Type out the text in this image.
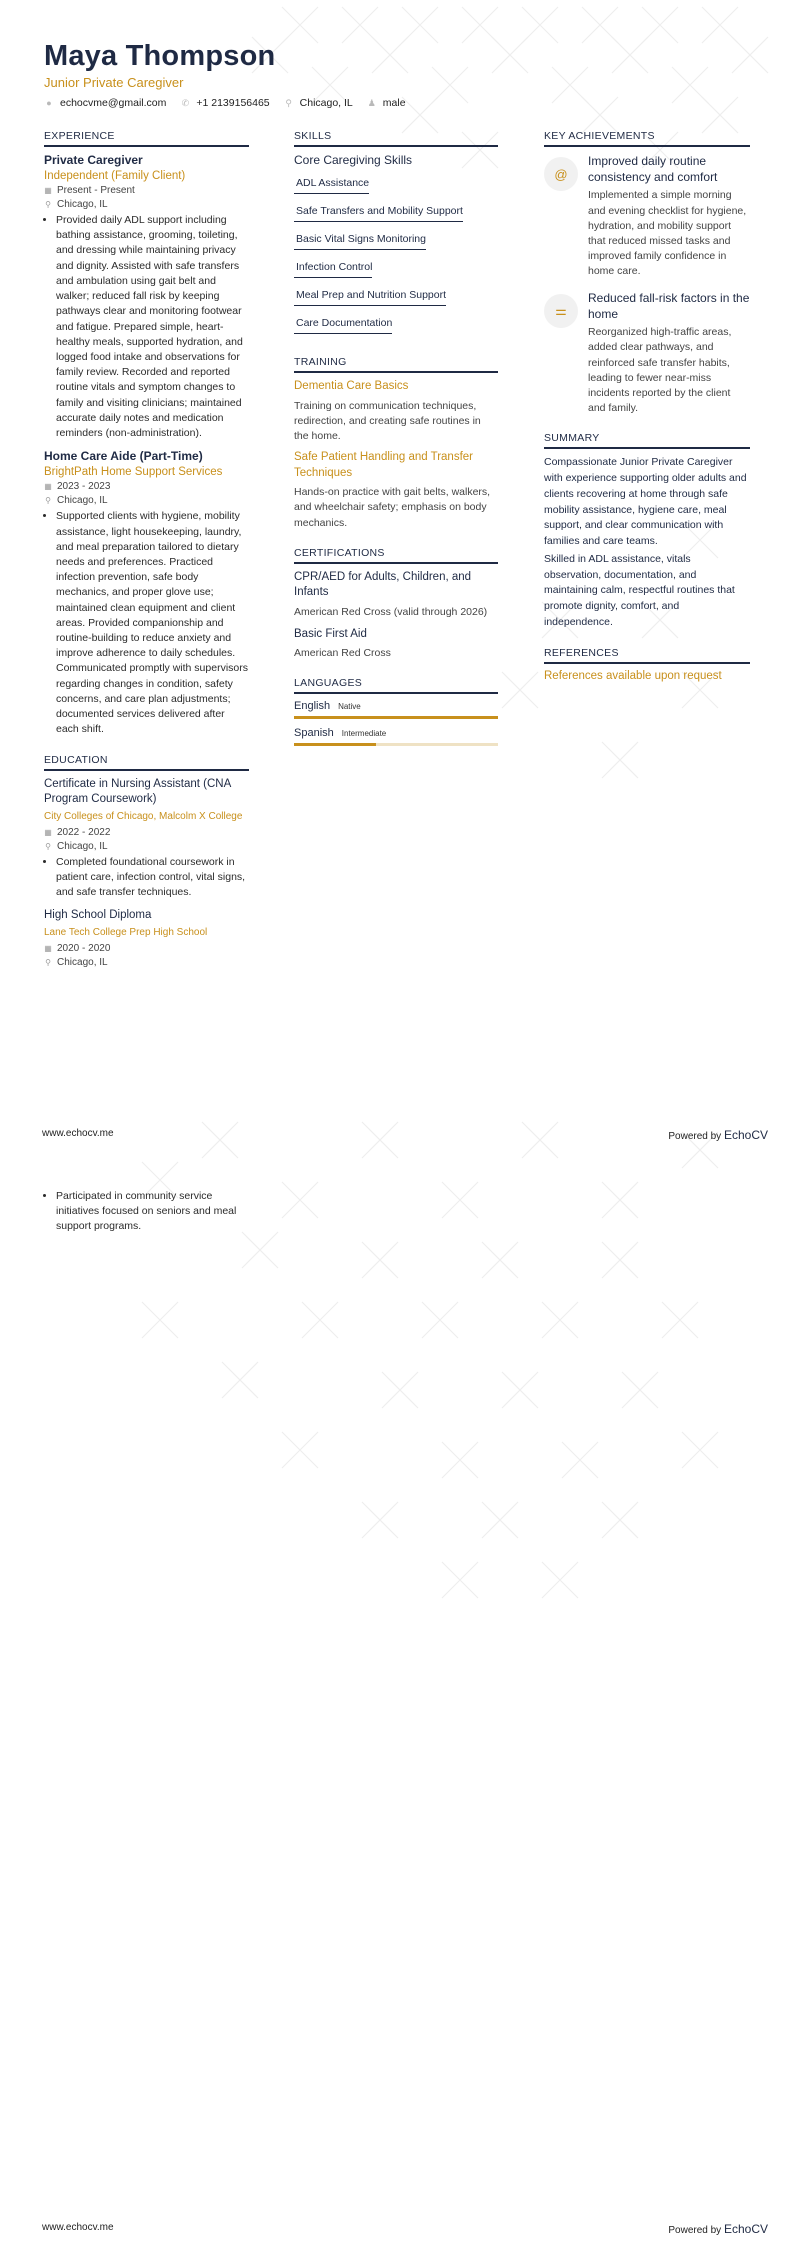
Maya Thompson
Junior Private Caregiver
● echocvme@gmail.com ✆ +1 2139156465 ⚲ Chicago, IL ♟ male
EXPERIENCE
Private Caregiver
Independent (Family Client)
▦ Present - Present
⚲ Chicago, IL
• Provided daily ADL support including bathing assistance, grooming, toileting, and dressing while maintaining privacy and dignity. Assisted with safe transfers and ambulation using gait belt and walker; reduced fall risk by keeping pathways clear and monitoring footwear and fatigue. Prepared simple, heart-healthy meals, supported hydration, and logged food intake and observations for family review. Recorded and reported routine vitals and symptom changes to family and visiting clinicians; maintained accurate daily notes and medication reminders (non-administration).
Home Care Aide (Part-Time)
BrightPath Home Support Services
▦ 2023 - 2023
⚲ Chicago, IL
• Supported clients with hygiene, mobility assistance, light housekeeping, laundry, and meal preparation tailored to dietary needs and preferences. Practiced infection prevention, safe body mechanics, and proper glove use; maintained clean equipment and client areas. Provided companionship and routine-building to reduce anxiety and improve adherence to daily schedules. Communicated promptly with supervisors regarding changes in condition, safety concerns, and care plan adjustments; documented services delivered after each shift.
EDUCATION
Certificate in Nursing Assistant (CNA Program Coursework)
City Colleges of Chicago, Malcolm X College
▦ 2022 - 2022
⚲ Chicago, IL
• Completed foundational coursework in patient care, infection control, vital signs, and safe transfer techniques.
High School Diploma
Lane Tech College Prep High School
▦ 2020 - 2020
⚲ Chicago, IL
SKILLS
Core Caregiving Skills
ADL Assistance
Safe Transfers and Mobility Support
Basic Vital Signs Monitoring
Infection Control
Meal Prep and Nutrition Support
Care Documentation
TRAINING
Dementia Care Basics
Training on communication techniques, redirection, and creating safe routines in the home.
Safe Patient Handling and Transfer Techniques
Hands-on practice with gait belts, walkers, and wheelchair safety; emphasis on body mechanics.
CERTIFICATIONS
CPR/AED for Adults, Children, and Infants
American Red Cross (valid through 2026)
Basic First Aid
American Red Cross
LANGUAGES
English Native
Spanish Intermediate
KEY ACHIEVEMENTS
@
Improved daily routine consistency and comfort
Implemented a simple morning and evening checklist for hygiene, hydration, and mobility support that reduced missed tasks and improved family confidence in home care.
⚌
Reduced fall-risk factors in the home
Reorganized high-traffic areas, added clear pathways, and reinforced safe transfer habits, leading to fewer near-miss incidents reported by the client and family.
SUMMARY

Compassionate Junior Private Caregiver with experience supporting older adults and clients recovering at home through safe mobility assistance, hygiene care, meal support, and clear communication with families and care teams.

Skilled in ADL assistance, vitals observation, documentation, and maintaining calm, respectful routines that promote dignity, comfort, and independence.

REFERENCES
References available upon request
www.echocv.me	Powered by EchoCV
• Participated in community service initiatives focused on seniors and meal support programs.
www.echocv.me	Powered by EchoCV
